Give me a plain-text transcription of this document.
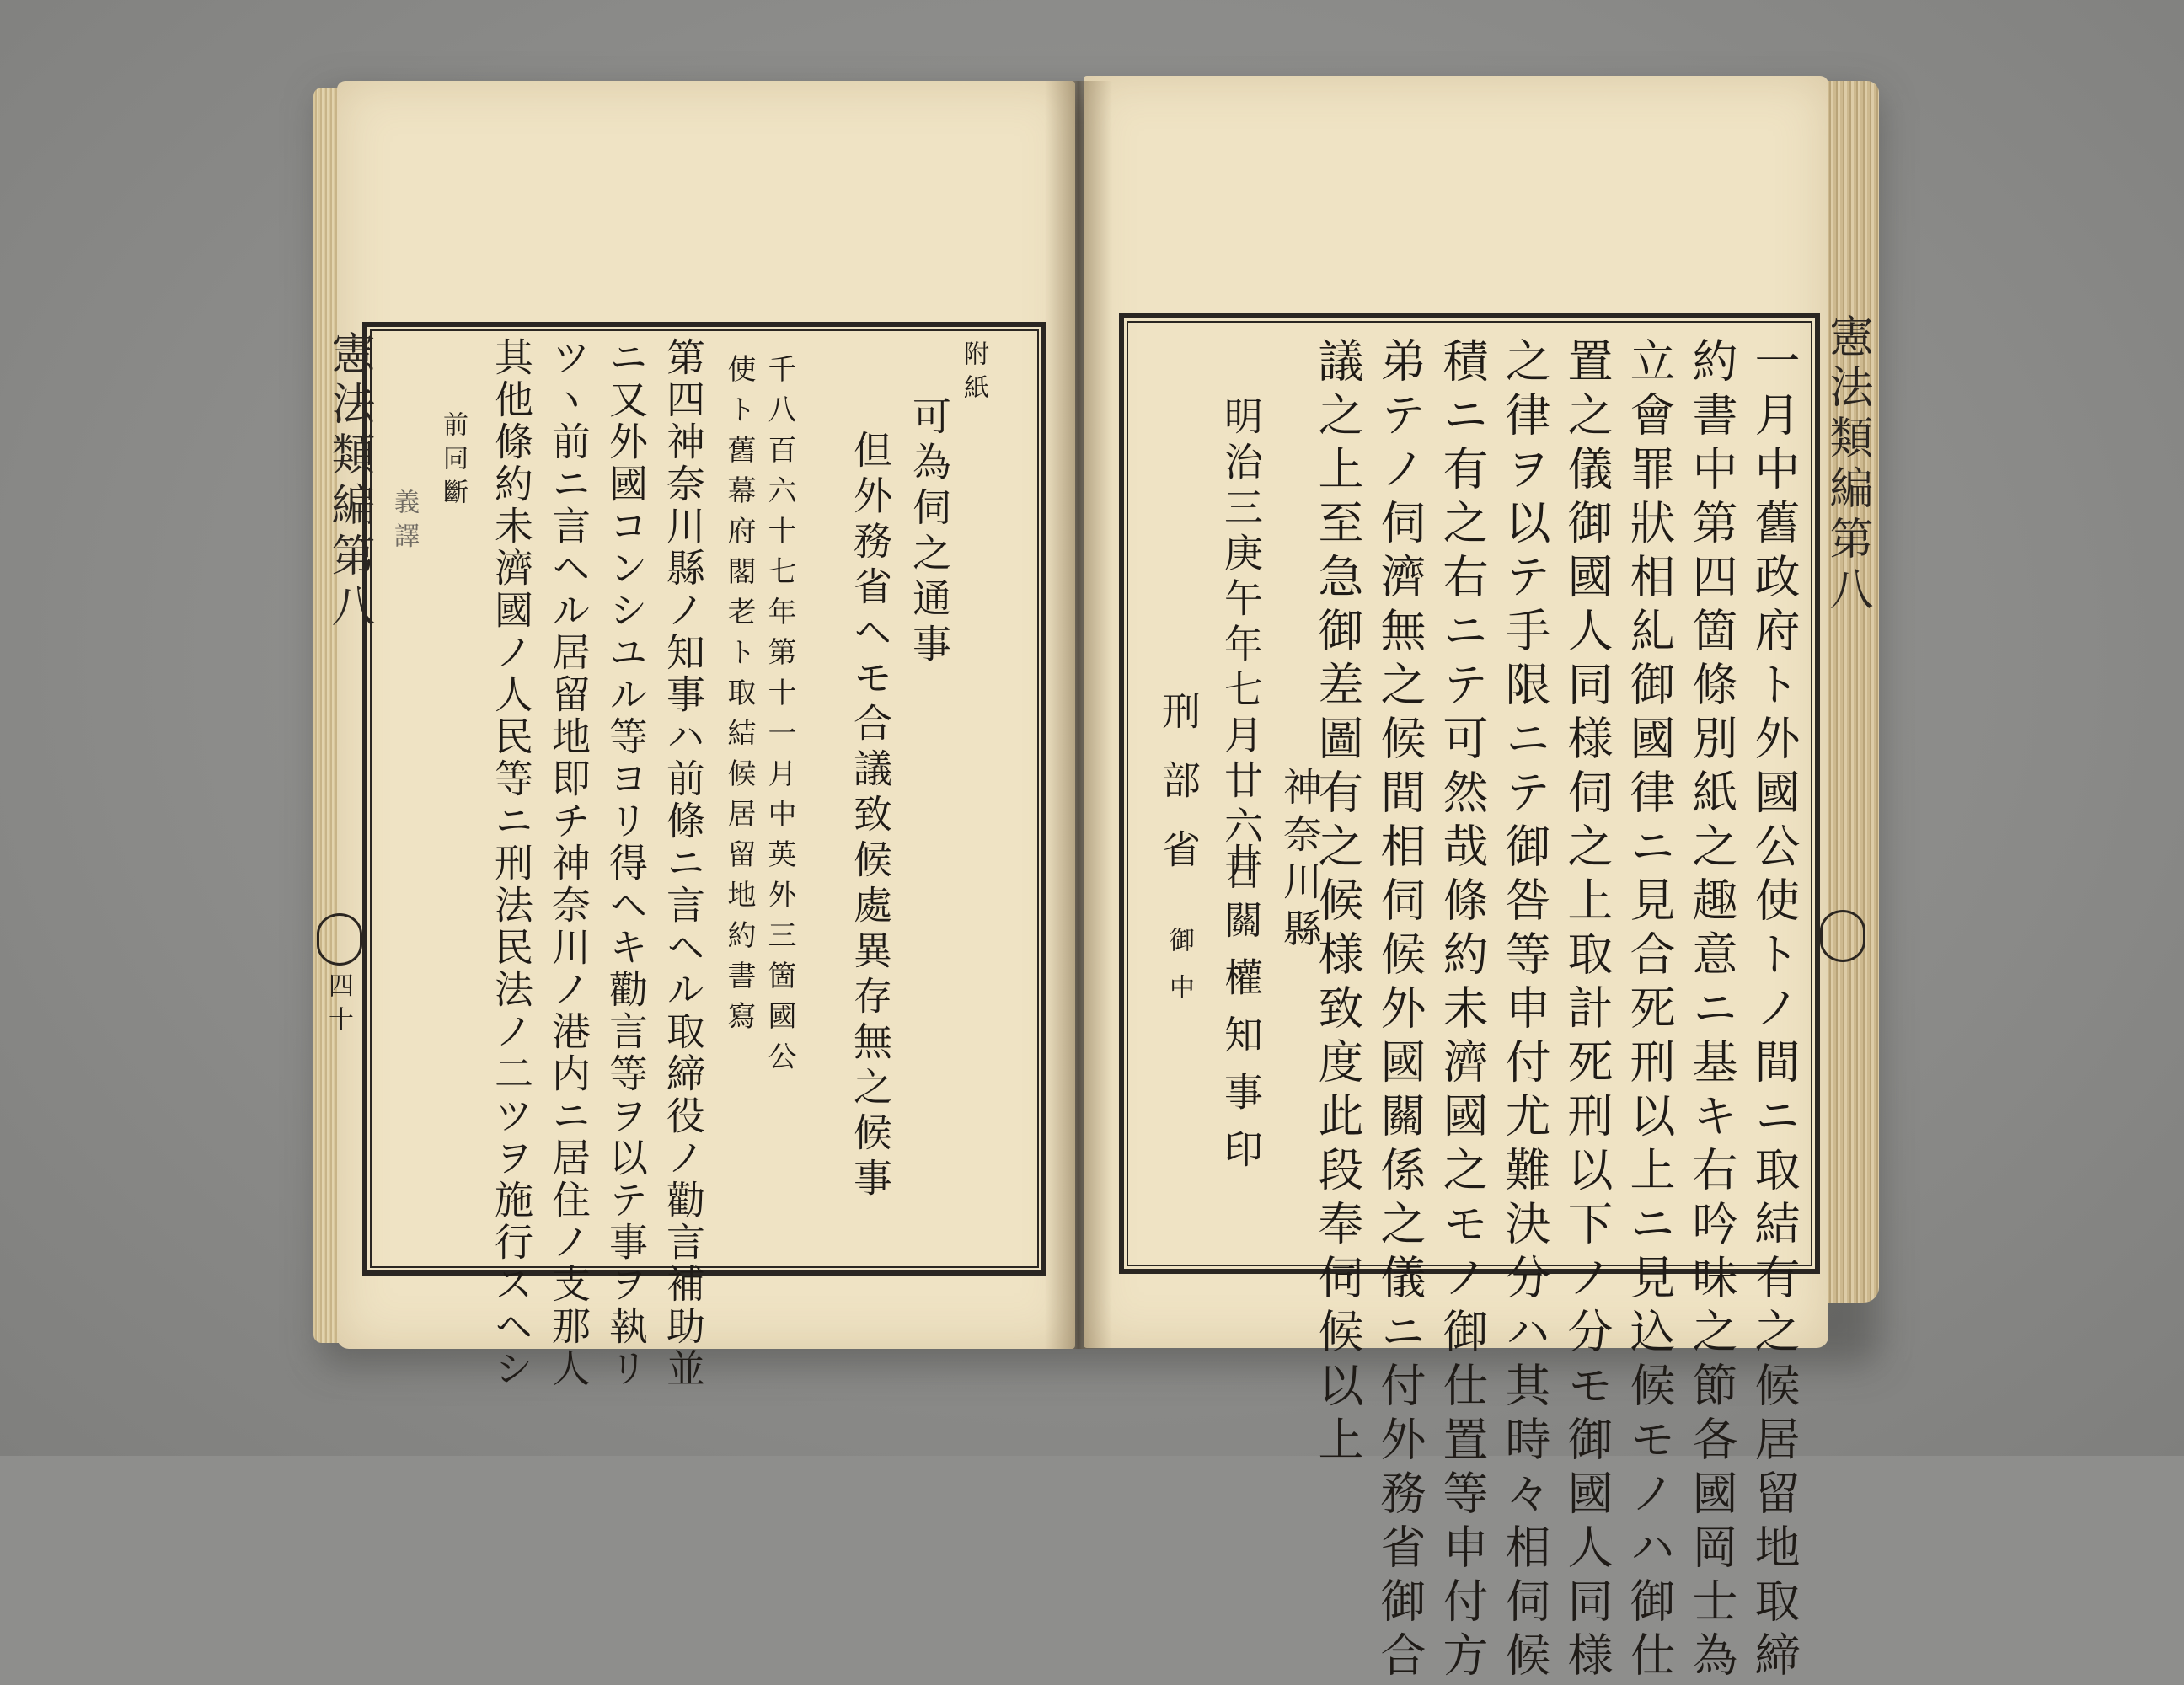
憲法類編第八
四十
憲法類編第八
一月中舊政府ト外國公使トノ間ニ取結有之候居留地取締
約書中第四箇條別紙之趣意ニ基キ右吟味之節各國岡士為
立會罪狀相糺御國律ニ見合死刑以上ニ見込候モノハ御仕
置之儀御國人同様伺之上取計死刑以下ノ分モ御國人同様
之律ヲ以テ手限ニテ御咎等申付尤難決分ハ其時々相伺候
積ニ有之右ニテ可然哉條約未濟國之モノ御仕置等申付方
弟テノ伺濟無之候間相伺候外國關係之儀ニ付外務省御合
議之上至急御差圖有之候様致度此段奉伺候以上
神奈川縣
明治三庚午年七月廿六日
井關權知事印
刑部省
御中
附紙
可為伺之通事
但外務省ヘモ合議致候處異存無之候事
千八百六十七年第十一月中英外三箇國公
使ト舊幕府閣老ト取結候居留地約書寫
第四神奈川縣ノ知事ハ前條ニ言ヘル取締役ノ勸言補助並
ニ又外國コンシユル等ヨリ得ヘキ勸言等ヲ以テ事ヲ執リ
ツヽ前ニ言ヘル居留地即チ神奈川ノ港内ニ居住ノ支那人
其他條約未濟國ノ人民等ニ刑法民法ノ二ツヲ施行スヘシ
前同斷
義譯
